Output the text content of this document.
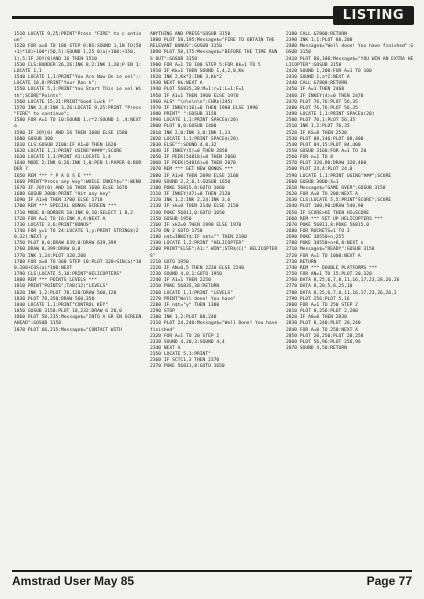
LISTING
1510 LOCATE 9,25:PRINT"Press "FIRE" to c ontinue"
1520 FOR a=8 TO 180 STEP 8:BS:SOUND 1,1N TO(50+1)*10)+100*(50,5):SOUND 1,25 0(a)+100:+150,1),5:IF JOY(0)AND 16 THEN 1510
1530 CLS:BORDER 26,26:INK 8,2:INK 1,20:P EN 1:LOCATE 1,1
1540 LOCATE 1,1:PRINT"You Are Now On Le vel";:LOCATE 18,8:PRINT"Your Ran k";
1550 LOCATE 5,1:PRINT"You Start This Le vel With";SCORE"Points"
1560 LOCATE 15,21:PRINT"Good Luck !"
1570 INK 2,8:INK 3,26:LOCATE 9,25:PRINT "Press "FIRE" to continue";
1580 FOR A=1 TO 10:SOUND 1,r*2:SOUND 1 ,4:NEXT a
1590 IF JOY(0) AND 16 THEN 1600 ELSE 1580
1600 GOSUB 300
1610 CLS:GOSUB 2100:IF A1=0 THEN 1620
1620 LOCATE 1,1:PRINT USING"####";SCORE
1630 LOCATE 1,3:PRINT A1:LOCATE 1,4
1640 MODE 2:INK 0,26:INK 1,0:PEN 1:PAPER 0:BORDER 7
1650 REM *** * P A U S E ***
1660 PRINT"Press any key":WHILE INKEY$="":WEND
1670 IF JOY(0) AND 16 THEN 1680 ELSE 1670
1680 GOSUB 3000:PRINT "Hit any key"
1690 IF A1>0 THEN 1700 ELSE 1710
1700 REM *** SPECIAL BONUS SCREEN ***
1710 MODE 0:BORDER 10:INK 0,10:SELECT 1 0,2
1720 FOR A=1 TO 16:INK A,A:NEXT A
1730 LOCATE 3,6:PRINT"BONUS"
1740 FOR y=1 TO 24:LOCATE 1,y:PRINT STRING$(20,32):NEXT y
1750 PLOT 0,0:DRAW 639,0:DRAW 639,399
1760 DRAW 0,399:DRAW 0,0
1770 INK 1,24:PLOT 320,200
1780 FOR a=0 TO 360 STEP 10:PLOT 320+SIN(a)*100,200+COS(a)*100:NEXT
1790 CLS:LOCATE 5,10:PRINT"HELICOPTERS"
1800 REM *** POINTS LEVELS ***
1810 PRINT"POINTS";TAB(12)"LEVELS"
1820 INK 1,2:PLOT 78,120:DRAW 560,120
1830 PLOT 78,350:DRAW 560,350
1840 LOCATE 1,1:PRINT"CONTROL KEY"
1850 GOSUB 3158:PLOT 18,232:DRAW 6 20,0
1860 PLOT 50,235:Message$="INTO A GR EN SCREEN AHEAD":GOSUB 3158
1870 PLOT 66,215:Message$="CONTACT WITH
ANYTHING AND PRESS"GOSUB 3158
1880 PLOT 58,195:Message$="FIRE TO OBTAIN THE RELEVANT BONUS":GOSUB 3158
1890 PLOT 58,175:Message$="BEFORE THE TIME RUNS OUT":GOSUB 3158
1900 FOR A=1 TO 100 STEP 5:FOR Kk=1 TO 5
1910 IF Kk=1 THEN SOUND 1,4,2,0,Kk
1920 INK 2,Kk*2:INK 3,Kk*2
1930 NEXT Kk:NEXT A
1940 PLOT 56835,38:M=1:r=1:L=1:F=1
1950 IF A1=1 THEN 1960 ELSE 1970
1960 ALS* "\n\n\n\n":CHR$(245)
1970 IF INKEY(16)=0 THEN 1980 ELSE 1990
1980 PRINT" ":GOSUB 3158
1990 LOCATE 1,1:PRINT SPACE$(20)
2000 PLOT 0,0:GOSUB 1400
2010 INK 2,0:INK 3,0:INK 1,13
2020 LOCATE 1,1:PRINT SPACE$(20)
2030 ELSE"":SOUND 4,0,32
2040 IF INKEY(5)=0 THEN 2050
2050 IF PEEK(54818)=0 THEN 2060
2060 IF PEEK(54816)=0 THEN 2070
2070 REM *** GET NEW BONUS ***
2080 IF A1>0 THEN 2090 ELSE 2100
2090 SOUND 2,2,0,1:GOSUB 1650
2100 POKE 56815,0:GOTO 1660
2110 IF INKEY(47)=0 THEN 2120
2120 INK 1,2:INK 2,24:INK 3,6
2130 IF xk=0 THEN 2140 ELSE 2150
2140 POKE 56811,0:GOTO 1650
2150 GOSUB 1950
2160 IF xk2=0 THEN 1990 ELSE 1970
2170 ON 2 GOTO 1750
2180 n$t=INKEY$:IF n$t="" THEN 2180
2190 LOCATE 1,2:PRINT "HELICOPTER"
2200 PRINT"ELSE";A1;" WIN";STR$(C)" HELICOPTERS"
2210 GOTO 1950
2220 IF AN=0,5 THEN 2230 ELSE 2240
2230 SOUND 4,0,1:GOTO 1950
2240 IF A1=1 THEN 2250
2250 POKE 56835,38:RETURN
2260 LOCATE 1,1:PRINT "LEVELS"
2270 PRINT"Well done! You have"
2280 IF n$t="y" THEN 1300
2290 STOP
2300 INK 1,2:PLOT 88,240
2310 PLOT 24,240:Message$="Well Done! You have finished"
2320 FOR A=1 TO 20 STEP 2
2330 SOUND 4,20,3:SOUND 4,4
2340 NEXT A
2350 LOCATE 5,1:PRINT"
2360 IF SCTC1,3 THEN 2370
2370 POKE 56811,8:GOTO 1650
2380 CALL &7800:RETURN
2390 INK 1,1:PLOT 88,200
2400 Message$="Well done! You have finished":GOSUB 3158
2410 PLOT 88,180:Message$="YOU WIN AN EXTRA HELICOPTER":GOSUB 3158
2420 SOUND 1,200:FOR A=1 TO 100
2430 SOUND 1,a*2:NEXT A
2440 CALL &7800:RETURN
2450 IF A=1 THEN 2460
2460 IF INKEY(4)=0 THEN 2470
2470 PLOT 76,76:PLOT 56,35
2480 PLOT 76,76:PLOT 56,35
2490 LOCATE 1,1:PRINT SPACE$(20)
2500 PLOT 76,1:PLOT 56,35
2510 INK 1,2:PLOT 76,35
2520 IF KS=8 THEN 2530
2530 PLOT 88,246:PLOT 88,400
2540 PLOT 84,15:PLOT 84,400
2550 GOSUB 3168:FOR A=1 TO 20
2560 FOR n=1 TO 8
2570 PLOT 320,80:DRAW 320,400
2580 PLOT 24,4:PLOT 24,0
2590 LOCATE 1,1:PRINT USING"###";SCORE
2600 GOSUB 3000:X=1
2610 Message$="GAME OVER":GOSUB 3158
2620 FOR A=0 TO 200:NEXT A
2630 CLS:LOCATE 5,5:PRINT"SCORE";SCORE
2640 PLOT 100,90:DRAW 540,90
2650 IF SCORE>HI THEN HI=SCORE
2660 REM *** SET UP HELICOPTERS ***
2670 POKE 56811,8:POKE 56815,0
2680 FOR ROCKETS=1 TO 3
2690 POKE 38550+n,255
2700 POKE 38550+n+8,8:NEXT n
2710 Message$="READY":GOSUB 3158
2720 FOR A=1 TO 1000:NEXT A
2730 RETURN
2740 REM *** DOUBLE PLATFORMS ***
2750 FOR AN=1 TO 15:PLOT 20,320
2760 DATA 8,25,6,7,8,11,16,17,23,28,26,26
2770 DATA 8,20,5,8,25,10
2780 DATA 8,25,6,7,8,11,16,17,23,26,26,2
2790 PLOT 256:PLOT 5,16
2800 FOR A=1 TO 250 STEP 2
2810 PLOT 8,256:PLOT 2,200
2820 IF A0=0 THEN 2830
2830 PLOT 8,240:PLOT 20,240
2840 FOR A=0 TO 250:NEXT A
2850 PLOT 20,250:PLOT 20,250
2860 PLOT 56,96:PLOT 256,96
2870 SOUND 4,50:RETURN
Amstrad User May 85	Page 77
